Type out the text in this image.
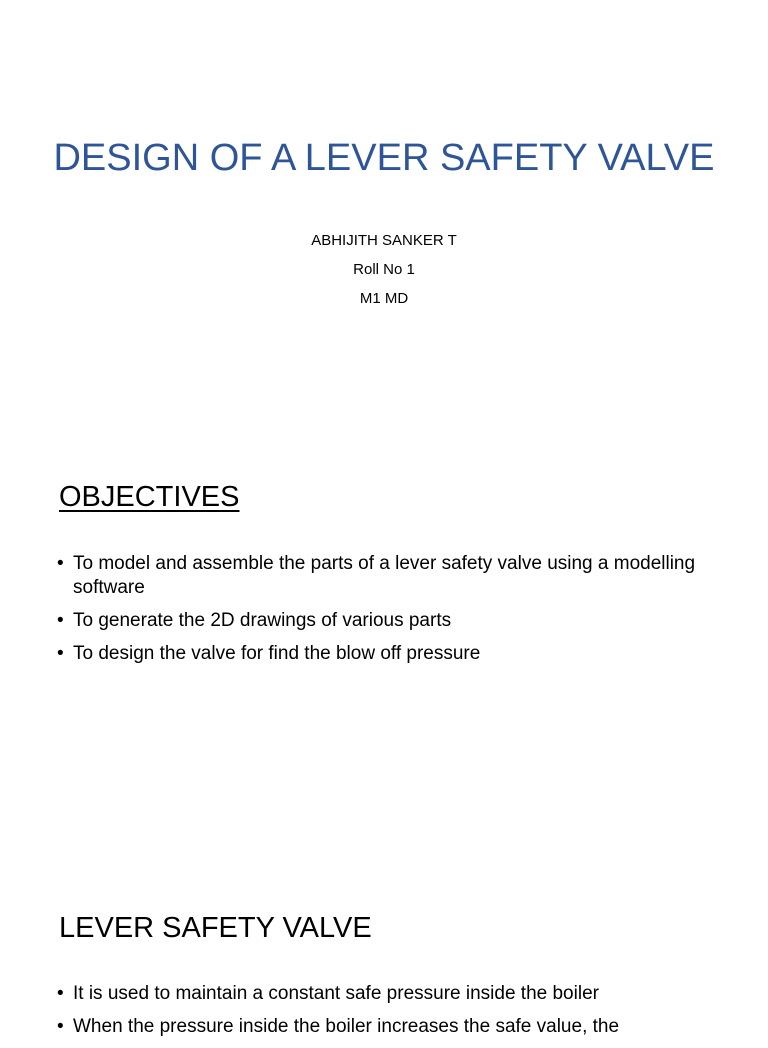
DESIGN OF A LEVER SAFETY VALVE
ABHIJITH SANKER T
Roll No 1
M1 MD
OBJECTIVES
• To model and assemble the parts of a lever safety valve using a modelling software
• To generate the 2D drawings of various parts
• To design the valve for find the blow off pressure
LEVER SAFETY VALVE
• It is used to maintain a constant safe pressure inside the boiler
• When the pressure inside the boiler increases the safe value, the
